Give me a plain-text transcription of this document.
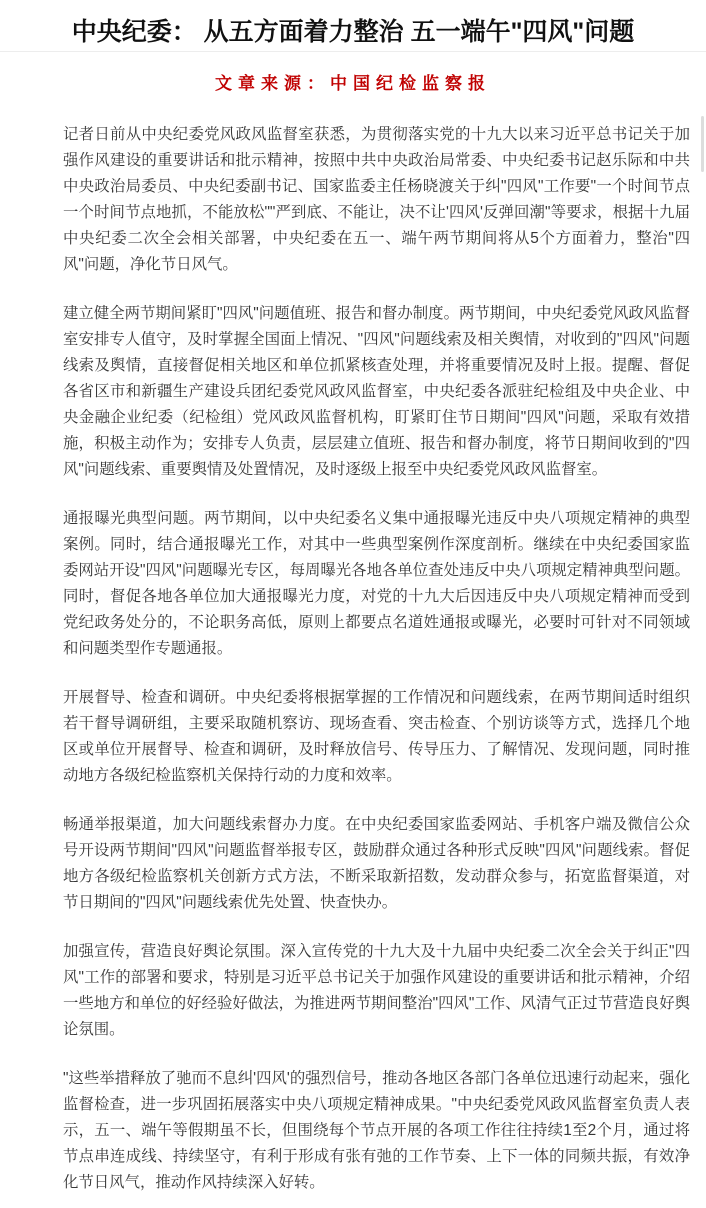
中央纪委： 从五方面着力整治 五一端午"四风"问题
文章来源：中国纪检监察报

记者日前从中央纪委党风政风监督室获悉，为贯彻落实党的十九大以来习近平总书记关于加强作风建设的重要讲话和批示精神，按照中共中央政治局常委、中央纪委书记赵乐际和中共中央政治局委员、中央纪委副书记、国家监委主任杨晓渡关于纠"四风"工作要"一个时间节点一个时间节点地抓，不能放松""严到底、不能让，决不让'四风'反弹回潮"等要求，根据十九届中央纪委二次全会相关部署，中央纪委在五一、端午两节期间将从5个方面着力，整治"四风"问题，净化节日风气。

建立健全两节期间紧盯"四风"问题值班、报告和督办制度。两节期间，中央纪委党风政风监督室安排专人值守，及时掌握全国面上情况、"四风"问题线索及相关舆情，对收到的"四风"问题线索及舆情，直接督促相关地区和单位抓紧核查处理，并将重要情况及时上报。提醒、督促各省区市和新疆生产建设兵团纪委党风政风监督室，中央纪委各派驻纪检组及中央企业、中央金融企业纪委（纪检组）党风政风监督机构，盯紧盯住节日期间"四风"问题，采取有效措施，积极主动作为；安排专人负责，层层建立值班、报告和督办制度，将节日期间收到的"四风"问题线索、重要舆情及处置情况，及时逐级上报至中央纪委党风政风监督室。

通报曝光典型问题。两节期间，以中央纪委名义集中通报曝光违反中央八项规定精神的典型案例。同时，结合通报曝光工作，对其中一些典型案例作深度剖析。继续在中央纪委国家监委网站开设"四风"问题曝光专区，每周曝光各地各单位查处违反中央八项规定精神典型问题。同时，督促各地各单位加大通报曝光力度，对党的十九大后因违反中央八项规定精神而受到党纪政务处分的，不论职务高低，原则上都要点名道姓通报或曝光，必要时可针对不同领域和问题类型作专题通报。

开展督导、检查和调研。中央纪委将根据掌握的工作情况和问题线索，在两节期间适时组织若干督导调研组，主要采取随机察访、现场查看、突击检查、个别访谈等方式，选择几个地区或单位开展督导、检查和调研，及时释放信号、传导压力、了解情况、发现问题，同时推动地方各级纪检监察机关保持行动的力度和效率。

畅通举报渠道，加大问题线索督办力度。在中央纪委国家监委网站、手机客户端及微信公众号开设两节期间"四风"问题监督举报专区，鼓励群众通过各种形式反映"四风"问题线索。督促地方各级纪检监察机关创新方式方法，不断采取新招数，发动群众参与，拓宽监督渠道，对节日期间的"四风"问题线索优先处置、快查快办。

加强宣传，营造良好舆论氛围。深入宣传党的十九大及十九届中央纪委二次全会关于纠正"四风"工作的部署和要求，特别是习近平总书记关于加强作风建设的重要讲话和批示精神，介绍一些地方和单位的好经验好做法，为推进两节期间整治"四风"工作、风清气正过节营造良好舆论氛围。

"这些举措释放了驰而不息纠'四风'的强烈信号，推动各地区各部门各单位迅速行动起来，强化监督检查，进一步巩固拓展落实中央八项规定精神成果。"中央纪委党风政风监督室负责人表示，五一、端午等假期虽不长，但围绕每个节点开展的各项工作往往持续1至2个月，通过将节点串连成线、持续坚守，有利于形成有张有弛的工作节奏、上下一体的同频共振，有效净化节日风气，推动作风持续深入好转。
